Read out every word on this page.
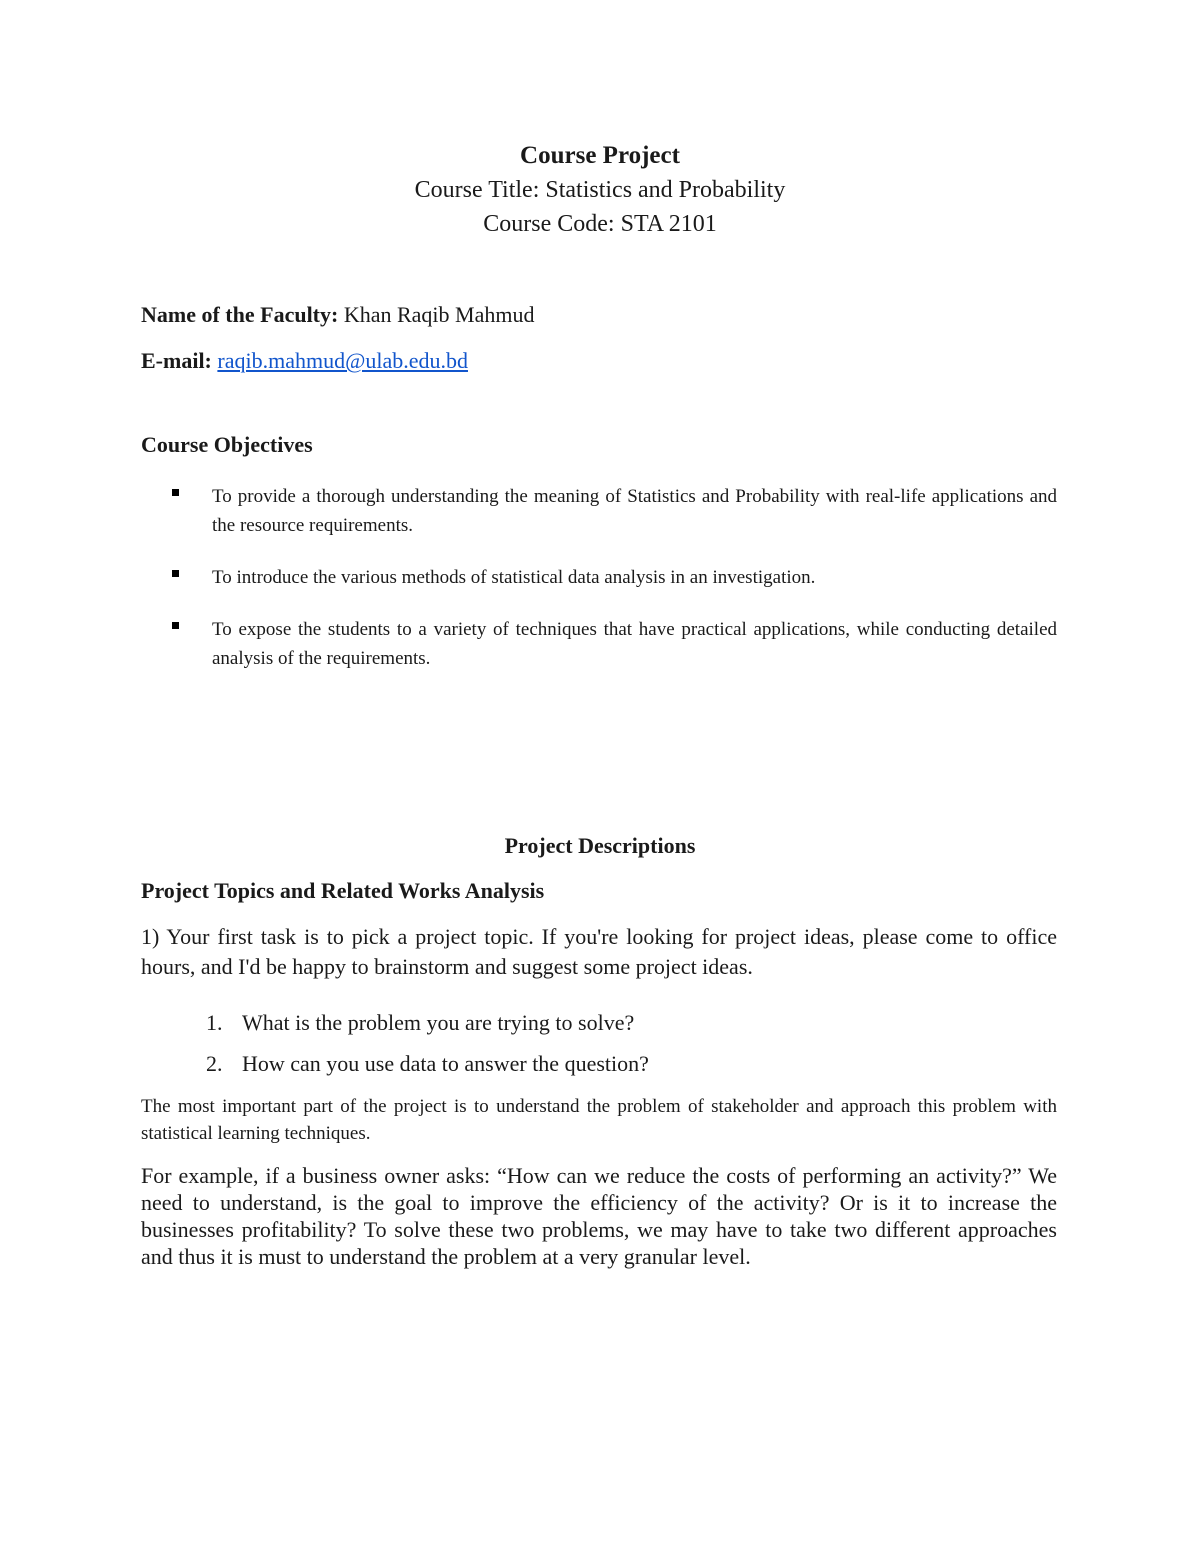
Course Project
Course Title: Statistics and Probability
Course Code: STA 2101
Name of the Faculty: Khan Raqib Mahmud
E-mail: raqib.mahmud@ulab.edu.bd
Course Objectives
To provide a thorough understanding the meaning of Statistics and Probability with real-life applications and the resource requirements.
To introduce the various methods of statistical data analysis in an investigation.
To expose the students to a variety of techniques that have practical applications, while conducting detailed analysis of the requirements.
Project Descriptions
Project Topics and Related Works Analysis
1) Your first task is to pick a project topic. If you're looking for project ideas, please come to office hours, and I'd be happy to brainstorm and suggest some project ideas.
1. What is the problem you are trying to solve?
2. How can you use data to answer the question?
The most important part of the project is to understand the problem of stakeholder and approach this problem with statistical learning techniques.
For example, if a business owner asks: “How can we reduce the costs of performing an activity?” We need to understand, is the goal to improve the efficiency of the activity? Or is it to increase the businesses profitability? To solve these two problems, we may have to take two different approaches and thus it is must to understand the problem at a very granular level.
